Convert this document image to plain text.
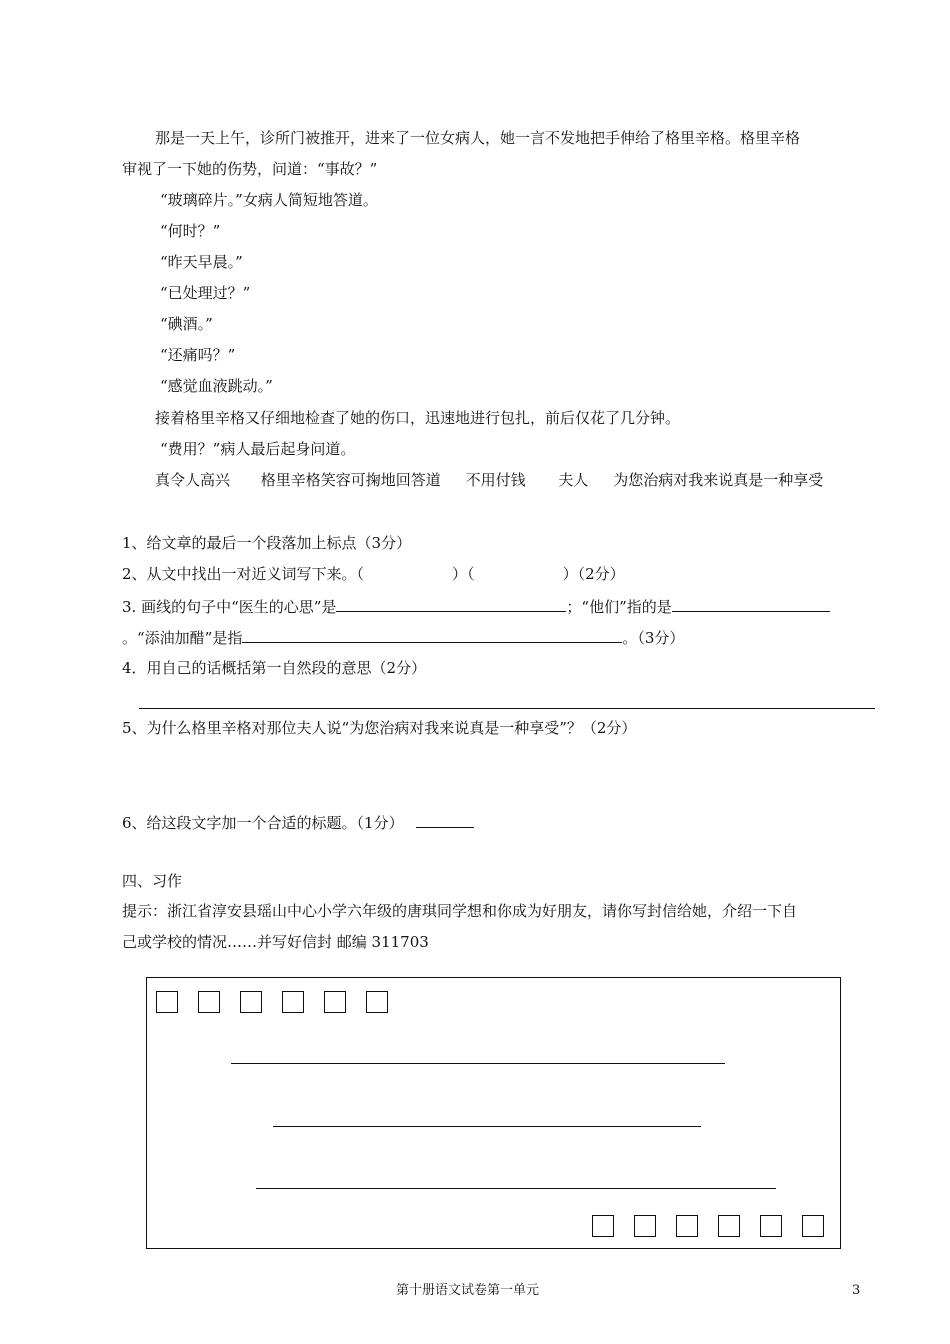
那是一天上午，诊所门被推开，进来了一位女病人，她一言不发地把手伸给了格里辛格。格里辛格
审视了一下她的伤势，问道：“事故？”
“玻璃碎片。”女病人简短地答道。
“何时？”
“昨天早晨。”
“已处理过？”
“碘酒。”
“还痛吗？”
“感觉血液跳动。”
接着格里辛格又仔细地检查了她的伤口，迅速地进行包扎，前后仅花了几分钟。
“费用？”病人最后起身问道。
真令人高兴 格里辛格笑容可掬地回答道 不用付钱 夫人 为您治病对我来说真是一种享受
1、给文章的最后一个段落加上标点（3分）
2、从文中找出一对近义词写下来。（	）（	）（2分）
3. 画线的句子中“医生的心思”是	；“他们”指的是
。“添油加醋”是指	。（3分）
4．用自己的话概括第一自然段的意思（2分）
5、为什么格里辛格对那位夫人说“为您治病对我来说真是一种享受”？（2分）
6、给这段文字加一个合适的标题。（1分）
四、习作
提示：浙江省淳安县瑶山中心小学六年级的唐琪同学想和你成为好朋友，请你写封信给她，介绍一下自
己或学校的情况……并写好信封 邮编 311703
第十册语文试卷第一单元	3
